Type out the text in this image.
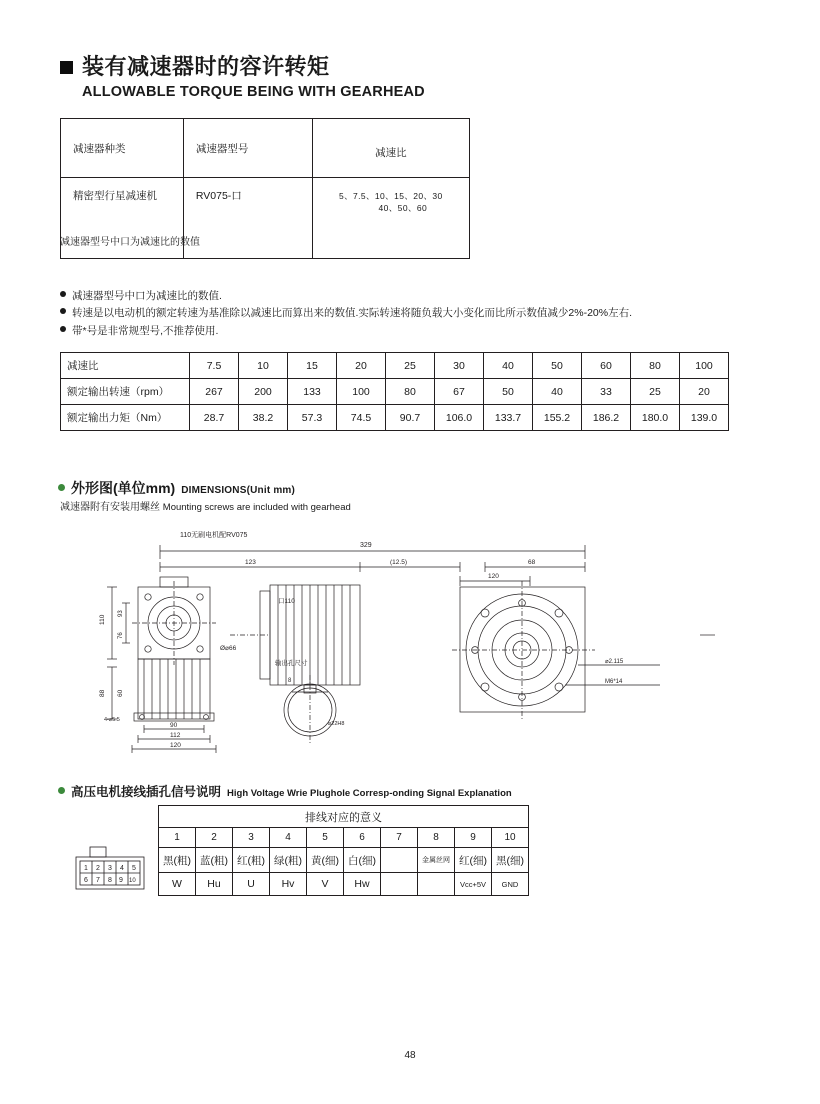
装有减速器时的容许转矩
ALLOWABLE TORQUE BEING WITH GEARHEAD
减速器种类	减速器型号	减速比
精密型行星减速机	RV075-口	5、7.5、10、15、20、30
40、50、60
减速器型号中口为减速比的数值
减速器型号中口为减速比的数值.
转速是以电动机的额定转速为基准除以减速比而算出来的数值.实际转速将随负载大小变化而比所示数值减少2%-20%左右.
带*号是非常规型号,不推荐使用.
减速比	7.5	10	15	20	25	30	40	50	60	80	100
额定输出转速（rpm）	267	200	133	100	80	67	50	40	33	25	20
额定输出力矩（Nm）	28.7	38.2	57.3	74.5	90.7	106.0	133.7	155.2	186.2	180.0	139.0
外形图(单位mm) DIMENSIONS(Unit mm)
减速器附有安装用螺丝 Mounting screws are included with gearhead
110无刷电机配RV075
329
123	(12.5)	68
120
110
93
76
88 60
90
112
120
4-⌀5.5
口110
Ø⌀66
输出孔尺寸
8
⌀22H8
⌀2.115
M6*14
高压电机接线插孔信号说明 High Voltage Wrie Plughole Corresp-onding Signal Explanation
1 2 3 4 5
6 7 8 9 10
排线对应的意义									
1	2	3	4	5	6	7	8	9	10
黑(粗)	蓝(粗)	红(粗)	绿(粗)	黄(细)	白(细)		金属丝网	红(细)	黑(细)
W	Hu	U	Hv	V	Hw			Vcc+5V	GND
48
